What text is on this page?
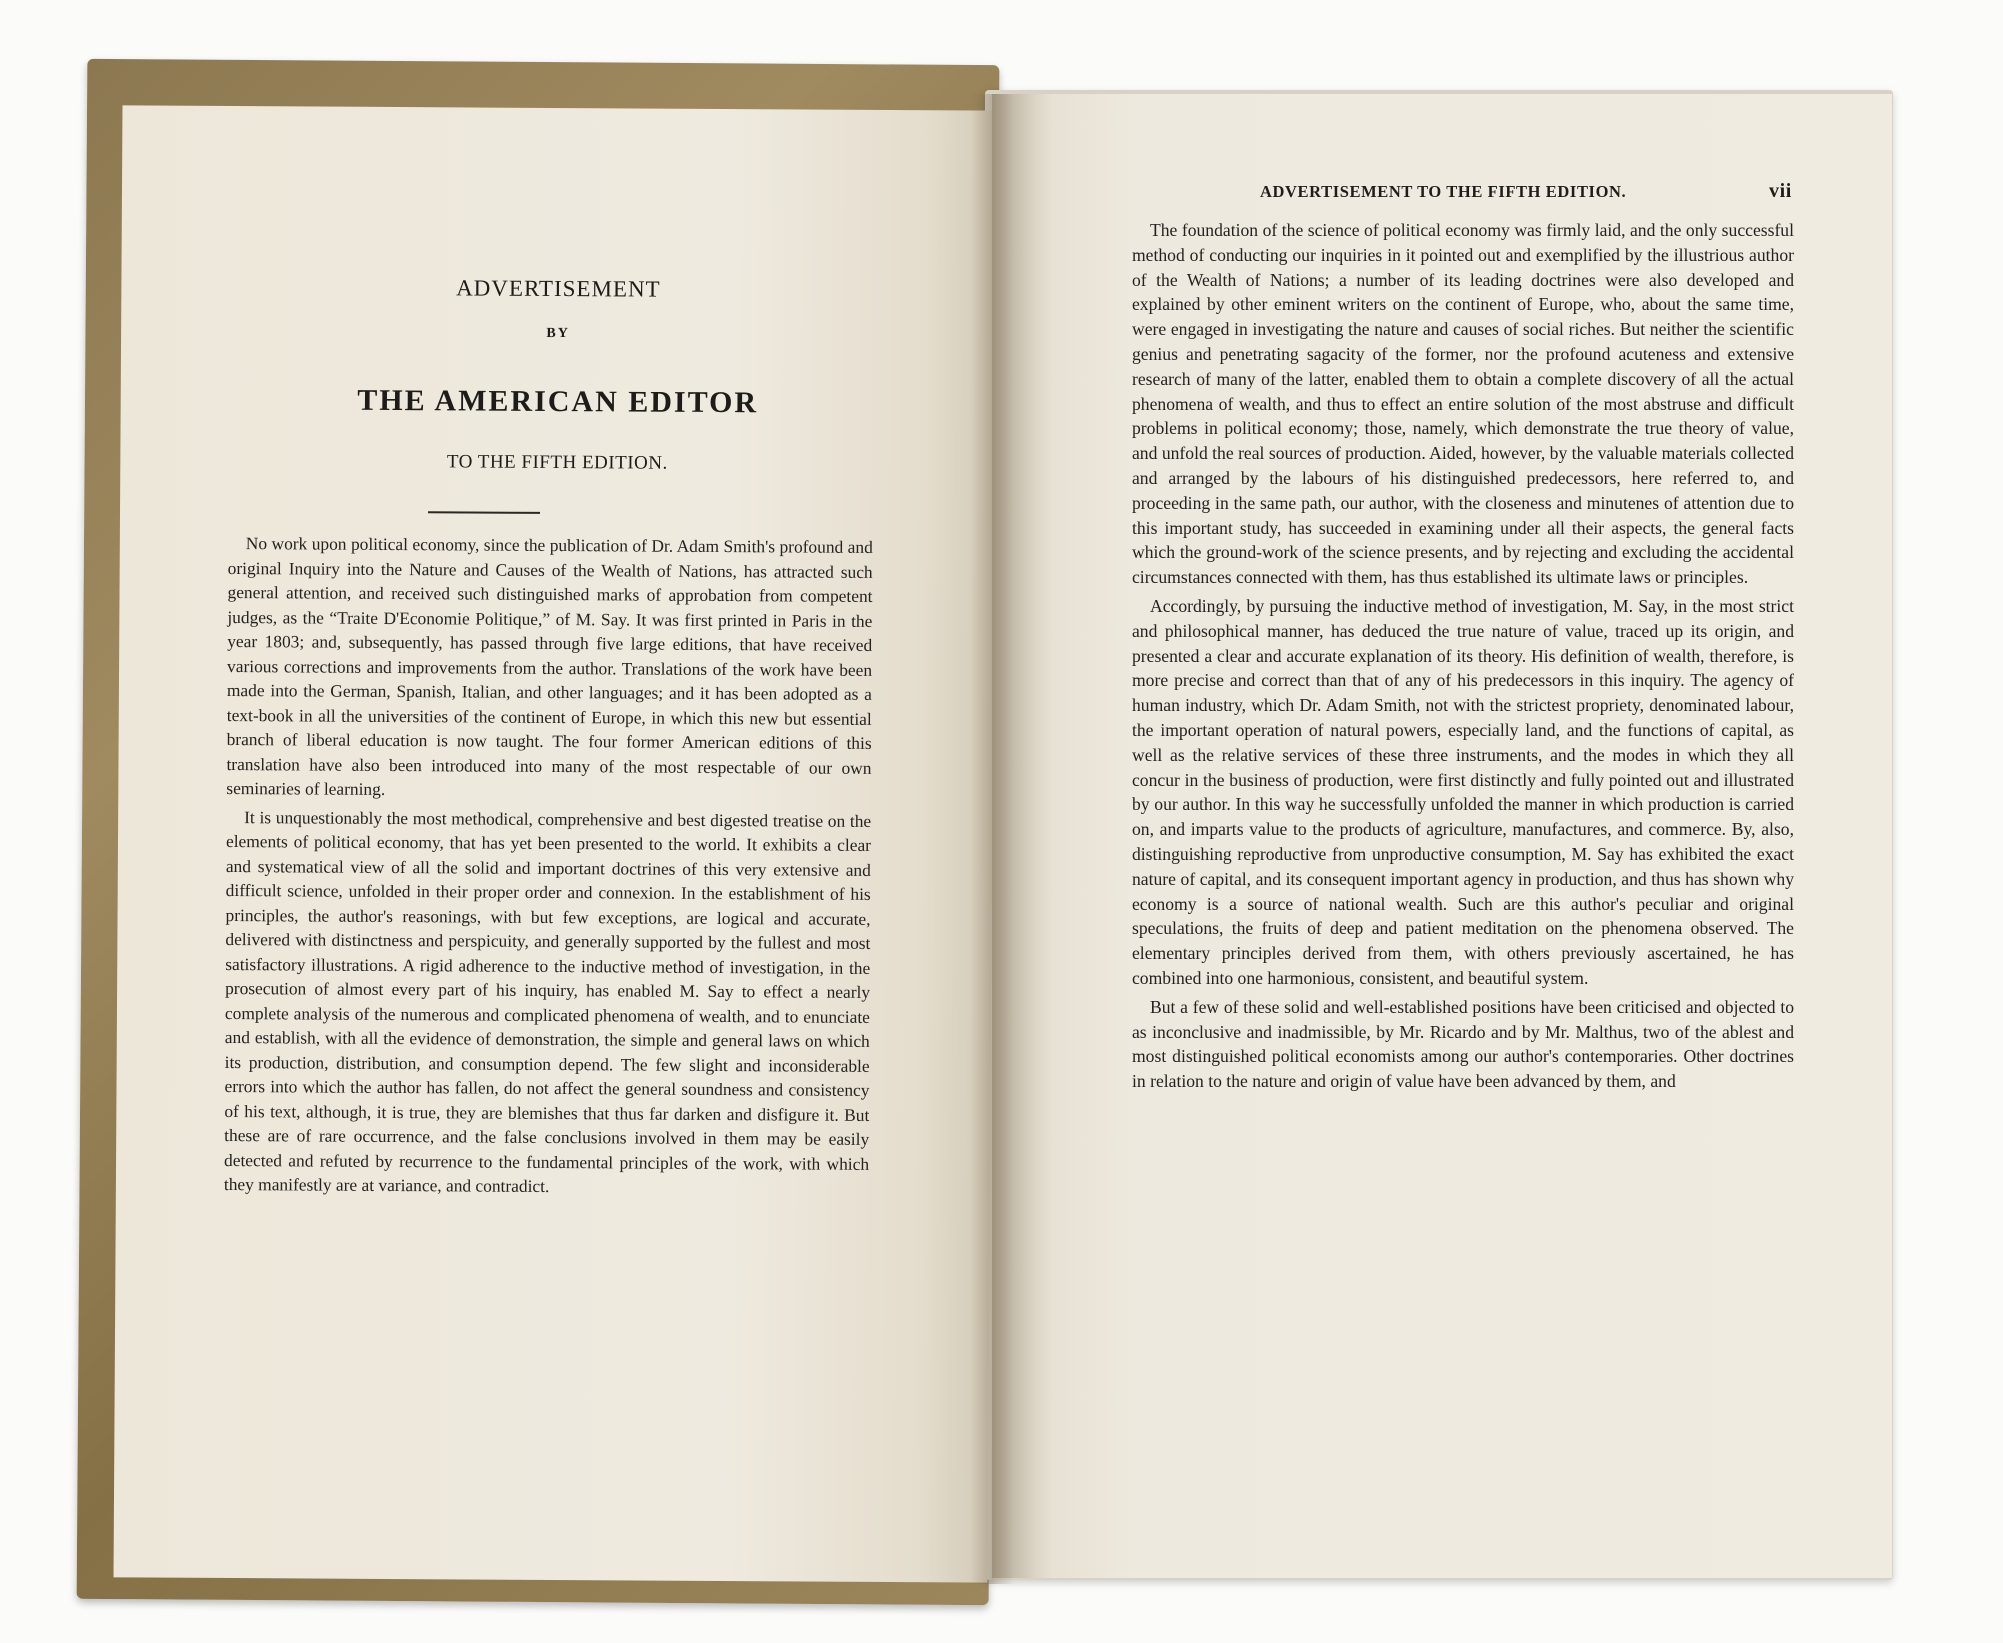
ADVERTISEMENT
BY
THE AMERICAN EDITOR
TO THE FIFTH EDITION.

No work upon political economy, since the publication of Dr. Adam Smith's profound and original Inquiry into the Nature and Causes of the Wealth of Nations, has attracted such general attention, and received such distinguished marks of approbation from competent judges, as the “Traite D'Economie Politique,” of M. Say. It was first printed in Paris in the year 1803; and, subsequently, has passed through five large editions, that have received various corrections and improvements from the author. Translations of the work have been made into the German, Spanish, Italian, and other languages; and it has been adopted as a text-book in all the universities of the continent of Europe, in which this new but essential branch of liberal education is now taught. The four former American editions of this translation have also been introduced into many of the most respectable of our own seminaries of learning.

It is unquestionably the most methodical, comprehensive and best digested treatise on the elements of political economy, that has yet been presented to the world. It exhibits a clear and systematical view of all the solid and important doctrines of this very extensive and difficult science, unfolded in their proper order and connexion. In the establishment of his principles, the author's reasonings, with but few exceptions, are logical and accurate, delivered with distinctness and perspicuity, and generally supported by the fullest and most satisfactory illustrations. A rigid adherence to the inductive method of investigation, in the prosecution of almost every part of his inquiry, has enabled M. Say to effect a nearly complete analysis of the numerous and complicated phenomena of wealth, and to enunciate and establish, with all the evidence of demonstration, the simple and general laws on which its production, distribution, and consumption depend. The few slight and inconsiderable errors into which the author has fallen, do not affect the general soundness and consistency of his text, although, it is true, they are blemishes that thus far darken and disfigure it. But these are of rare occurrence, and the false conclusions involved in them may be easily detected and refuted by recurrence to the fundamental principles of the work, with which they manifestly are at variance, and contradict.

ADVERTISEMENT TO THE FIFTH EDITION.	vii

The foundation of the science of political economy was firmly laid, and the only successful method of conducting our inquiries in it pointed out and exemplified by the illustrious author of the Wealth of Nations; a number of its leading doctrines were also developed and explained by other eminent writers on the continent of Europe, who, about the same time, were engaged in investigating the nature and causes of social riches. But neither the scientific genius and penetrating sagacity of the former, nor the profound acuteness and extensive research of many of the latter, enabled them to obtain a complete discovery of all the actual phenomena of wealth, and thus to effect an entire solution of the most abstruse and difficult problems in political economy; those, namely, which demonstrate the true theory of value, and unfold the real sources of production. Aided, however, by the valuable materials collected and arranged by the labours of his distinguished predecessors, here referred to, and proceeding in the same path, our author, with the closeness and minutenes of attention due to this important study, has succeeded in examining under all their aspects, the general facts which the ground-work of the science presents, and by rejecting and excluding the accidental circumstances connected with them, has thus established its ultimate laws or principles.

Accordingly, by pursuing the inductive method of investigation, M. Say, in the most strict and philosophical manner, has deduced the true nature of value, traced up its origin, and presented a clear and accurate explanation of its theory. His definition of wealth, therefore, is more precise and correct than that of any of his predecessors in this inquiry. The agency of human industry, which Dr. Adam Smith, not with the strictest propriety, denominated labour, the important operation of natural powers, especially land, and the functions of capital, as well as the relative services of these three instruments, and the modes in which they all concur in the business of production, were first distinctly and fully pointed out and illustrated by our author. In this way he successfully unfolded the manner in which production is carried on, and imparts value to the products of agriculture, manufactures, and commerce. By, also, distinguishing reproductive from unproductive consumption, M. Say has exhibited the exact nature of capital, and its consequent important agency in production, and thus has shown why economy is a source of national wealth. Such are this author's peculiar and original speculations, the fruits of deep and patient meditation on the phenomena observed. The elementary principles derived from them, with others previously ascertained, he has combined into one harmonious, consistent, and beautiful system.

But a few of these solid and well-established positions have been criticised and objected to as inconclusive and inadmissible, by Mr. Ricardo and by Mr. Malthus, two of the ablest and most distinguished political economists among our author's contemporaries. Other doctrines in relation to the nature and origin of value have been advanced by them, and
